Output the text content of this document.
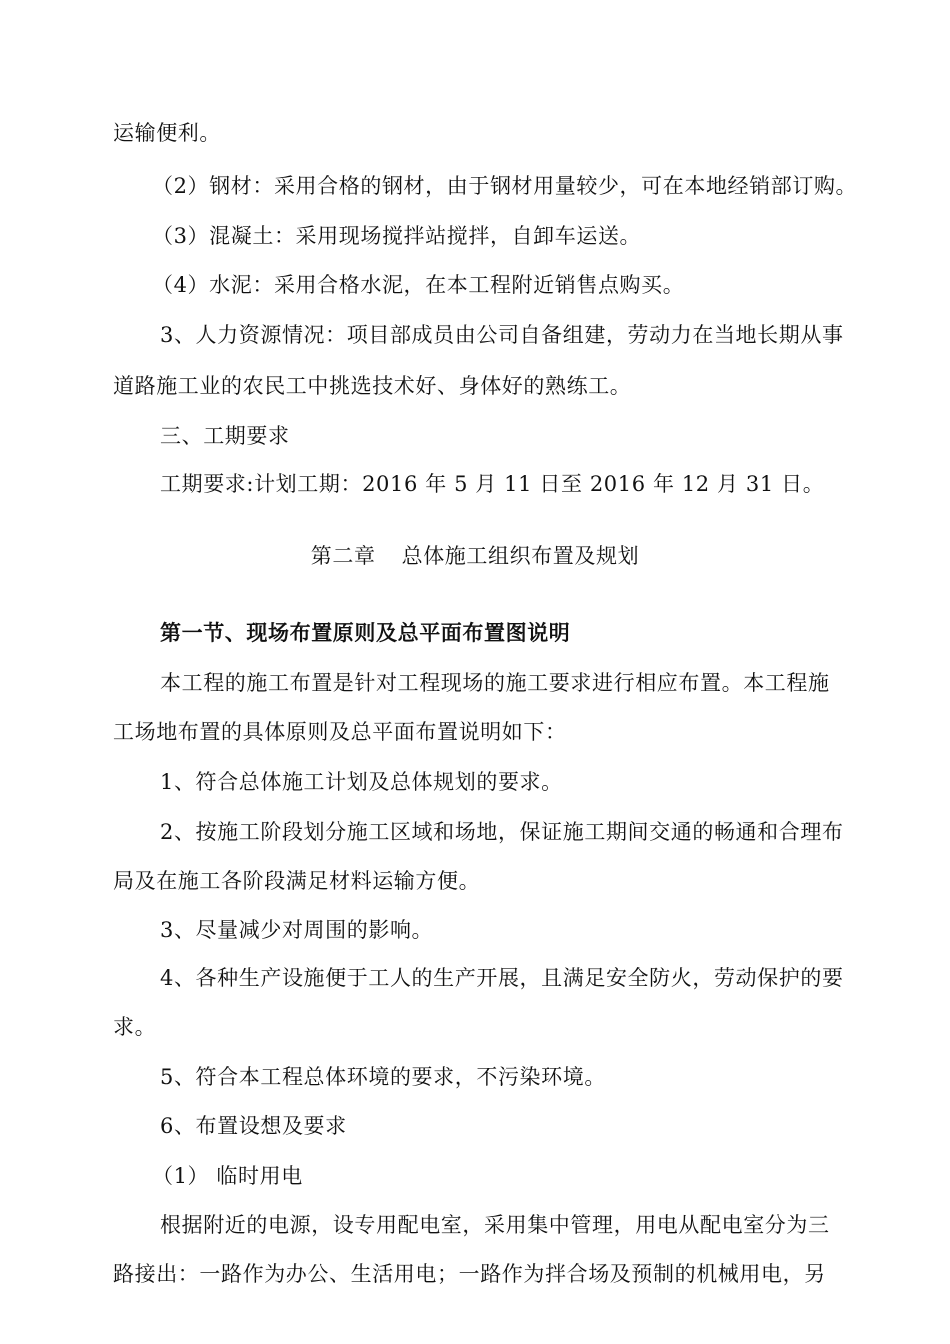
运输便利。
（2）钢材：采用合格的钢材，由于钢材用量较少，可在本地经销部订购。
（3）混凝土：采用现场搅拌站搅拌，自卸车运送。
（4）水泥：采用合格水泥，在本工程附近销售点购买。
3、人力资源情况：项目部成员由公司自备组建，劳动力在当地长期从事
道路施工业的农民工中挑选技术好、身体好的熟练工。
三、工期要求
工期要求:计划工期：2016 年 5 月 11 日至 2016 年 12 月 31 日。
第二章 总体施工组织布置及规划
第一节、现场布置原则及总平面布置图说明
本工程的施工布置是针对工程现场的施工要求进行相应布置。本工程施
工场地布置的具体原则及总平面布置说明如下：
1、符合总体施工计划及总体规划的要求。
2、按施工阶段划分施工区域和场地，保证施工期间交通的畅通和合理布
局及在施工各阶段满足材料运输方便。
3、尽量减少对周围的影响。
4、各种生产设施便于工人的生产开展，且满足安全防火，劳动保护的要
求。
5、符合本工程总体环境的要求，不污染环境。
6、布置设想及要求
（1） 临时用电
根据附近的电源，设专用配电室，采用集中管理，用电从配电室分为三
路接出：一路作为办公、生活用电；一路作为拌合场及预制的机械用电，另
